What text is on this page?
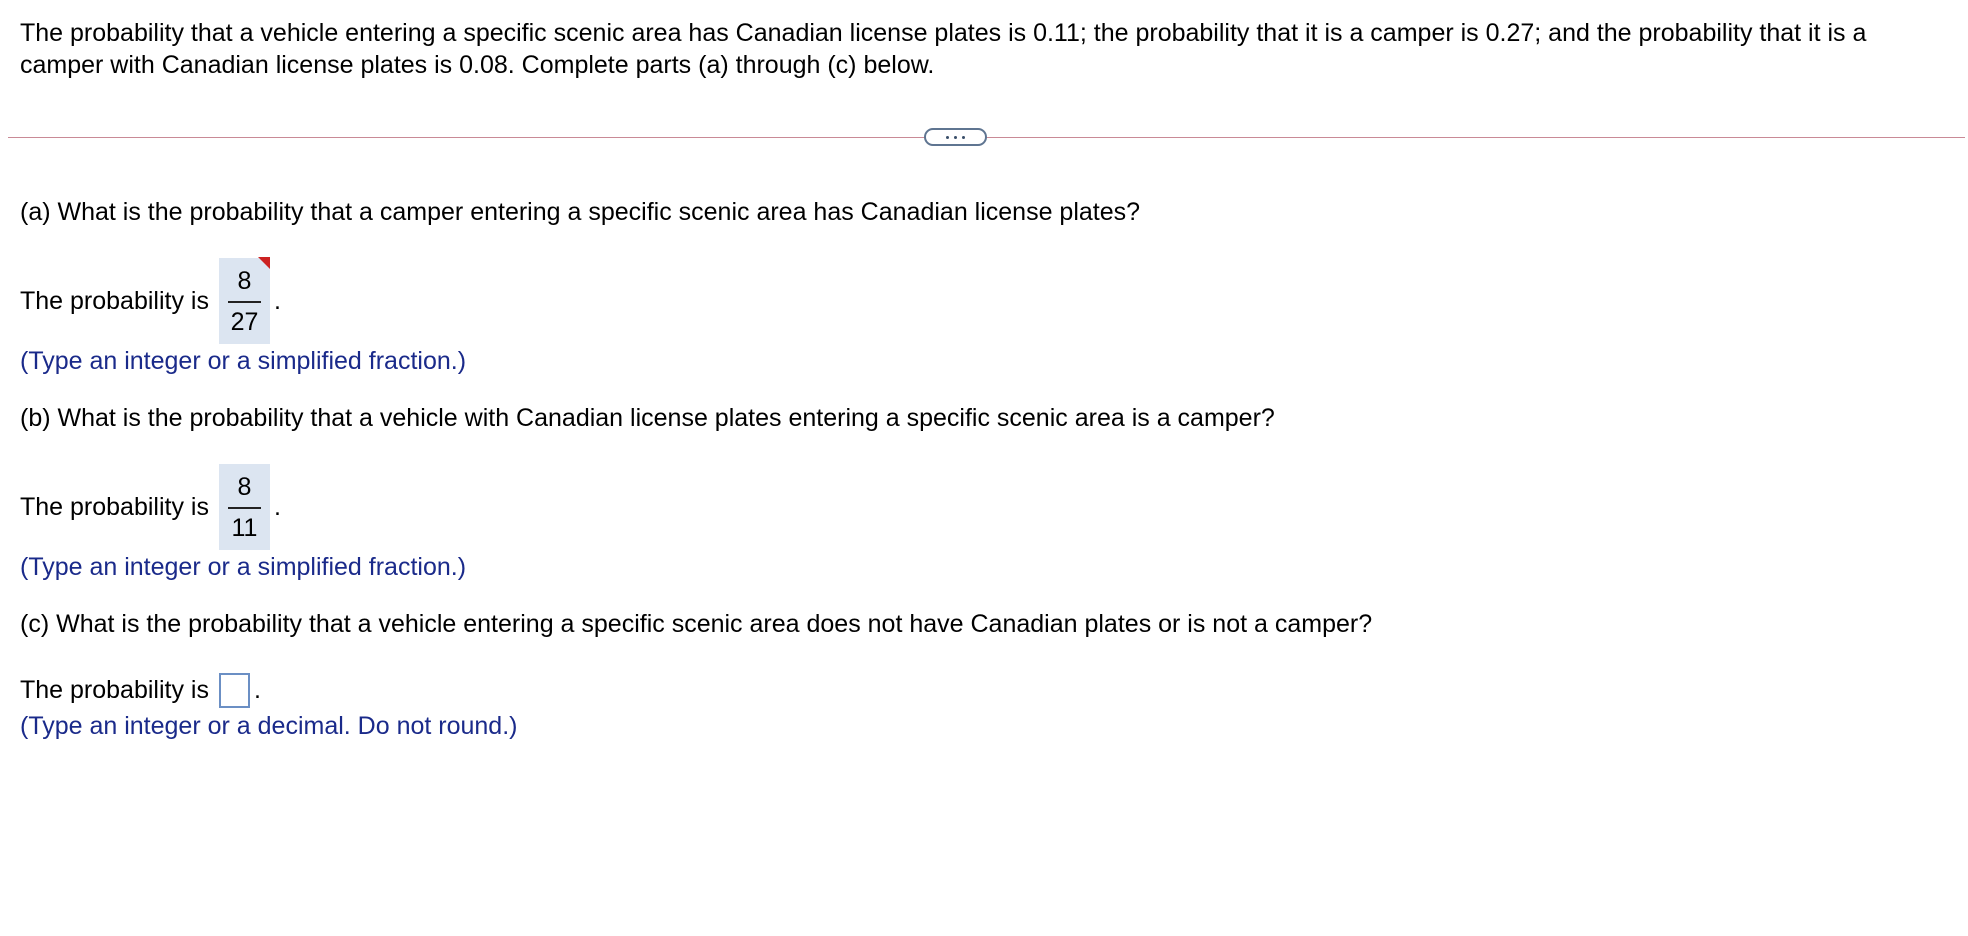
The probability that a vehicle entering a specific scenic area has Canadian license plates is 0.11; the probability that it is a camper is 0.27; and the probability that it is a camper with Canadian license plates is 0.08. Complete parts (a) through (c) below.
(a) What is the probability that a camper entering a specific scenic area has Canadian license plates?
The probability is $\frac{8}{27}$ .
(Type an integer or a simplified fraction.)
(b) What is the probability that a vehicle with Canadian license plates entering a specific scenic area is a camper?
The probability is $\frac{8}{11}$ .
(Type an integer or a simplified fraction.)
(c) What is the probability that a vehicle entering a specific scenic area does not have Canadian plates or is not a camper?
The probability is .
(Type an integer or a decimal. Do not round.)
